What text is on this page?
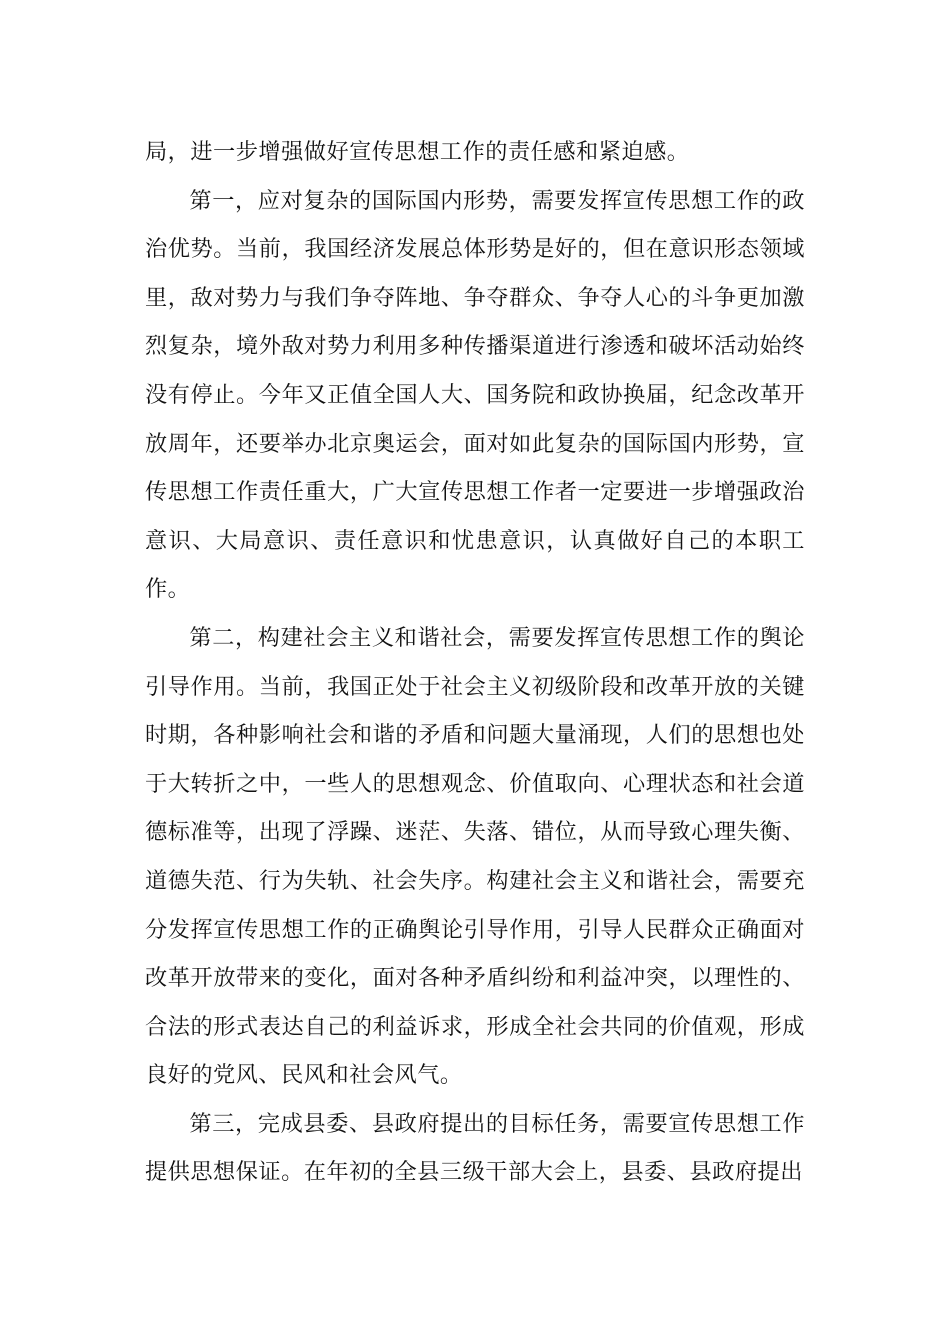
局，进一步增强做好宣传思想工作的责任感和紧迫感。

第一，应对复杂的国际国内形势，需要发挥宣传思想工作的政治优势。当前，我国经济发展总体形势是好的，但在意识形态领域里，敌对势力与我们争夺阵地、争夺群众、争夺人心的斗争更加激烈复杂，境外敌对势力利用多种传播渠道进行渗透和破坏活动始终没有停止。今年又正值全国人大、国务院和政协换届，纪念改革开放周年，还要举办北京奥运会，面对如此复杂的国际国内形势，宣传思想工作责任重大，广大宣传思想工作者一定要进一步增强政治意识、大局意识、责任意识和忧患意识，认真做好自己的本职工作。

第二，构建社会主义和谐社会，需要发挥宣传思想工作的舆论引导作用。当前，我国正处于社会主义初级阶段和改革开放的关键时期，各种影响社会和谐的矛盾和问题大量涌现，人们的思想也处于大转折之中，一些人的思想观念、价值取向、心理状态和社会道德标准等，出现了浮躁、迷茫、失落、错位，从而导致心理失衡、道德失范、行为失轨、社会失序。构建社会主义和谐社会，需要充分发挥宣传思想工作的正确舆论引导作用，引导人民群众正确面对改革开放带来的变化，面对各种矛盾纠纷和利益冲突，以理性的、合法的形式表达自己的利益诉求，形成全社会共同的价值观，形成良好的党风、民风和社会风气。

第三，完成县委、县政府提出的目标任务，需要宣传思想工作提供思想保证。在年初的全县三级干部大会上，县委、县政府提出
